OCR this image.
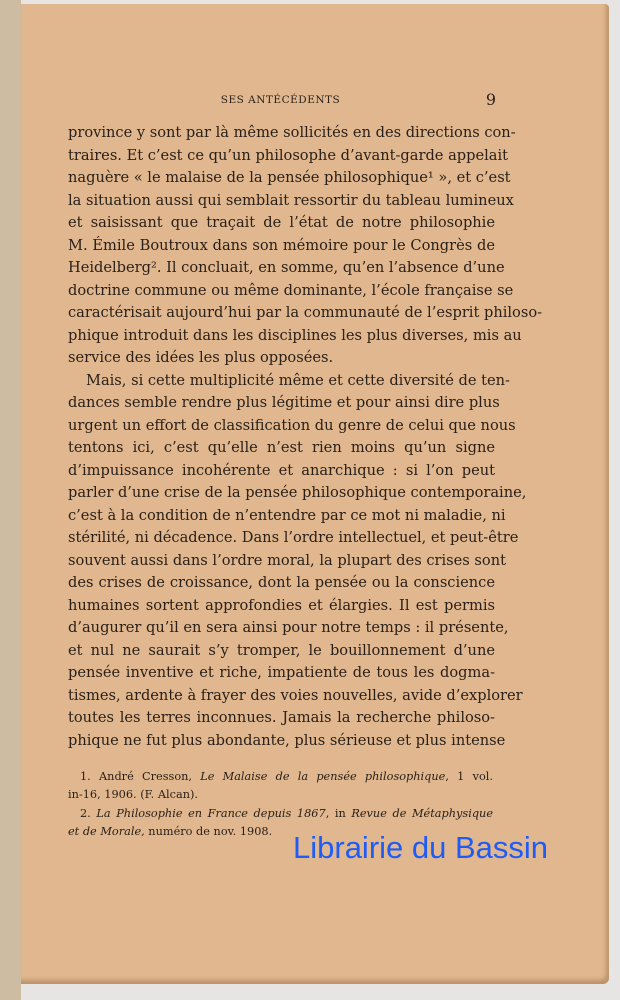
SES ANTÉCÉDENTS	9
province y sont par là même sollicités en des directions con-
traires. Et c’est ce qu’un philosophe d’avant-garde appelait
naguère « le malaise de la pensée philosophique¹ », et c’est
la situation aussi qui semblait ressortir du tableau lumineux
et saisissant que traçait de l’état de notre philosophie
M. Émile Boutroux dans son mémoire pour le Congrès de
Heidelberg². Il concluait, en somme, qu’en l’absence d’une
doctrine commune ou même dominante, l’école française se
caractérisait aujourd’hui par la communauté de l’esprit philoso-
phique introduit dans les disciplines les plus diverses, mis au
service des idées les plus opposées.
Mais, si cette multiplicité même et cette diversité de ten-
dances semble rendre plus légitime et pour ainsi dire plus
urgent un effort de classification du genre de celui que nous
tentons ici, c’est qu’elle n’est rien moins qu’un signe
d’impuissance incohérente et anarchique : si l’on peut
parler d’une crise de la pensée philosophique contemporaine,
c’est à la condition de n’entendre par ce mot ni maladie, ni
stérilité, ni décadence. Dans l’ordre intellectuel, et peut-être
souvent aussi dans l’ordre moral, la plupart des crises sont
des crises de croissance, dont la pensée ou la conscience
humaines sortent approfondies et élargies. Il est permis
d’augurer qu’il en sera ainsi pour notre temps : il présente,
et nul ne saurait s’y tromper, le bouillonnement d’une
pensée inventive et riche, impatiente de tous les dogma-
tismes, ardente à frayer des voies nouvelles, avide d’explorer
toutes les terres inconnues. Jamais la recherche philoso-
phique ne fut plus abondante, plus sérieuse et plus intense
1. André Cresson, Le Malaise de la pensée philosophique, 1 vol.
in-16, 1906. (F. Alcan).
2. La Philosophie en France depuis 1867, in Revue de Métaphysique
et de Morale, numéro de nov. 1908. Librairie du Bassin
